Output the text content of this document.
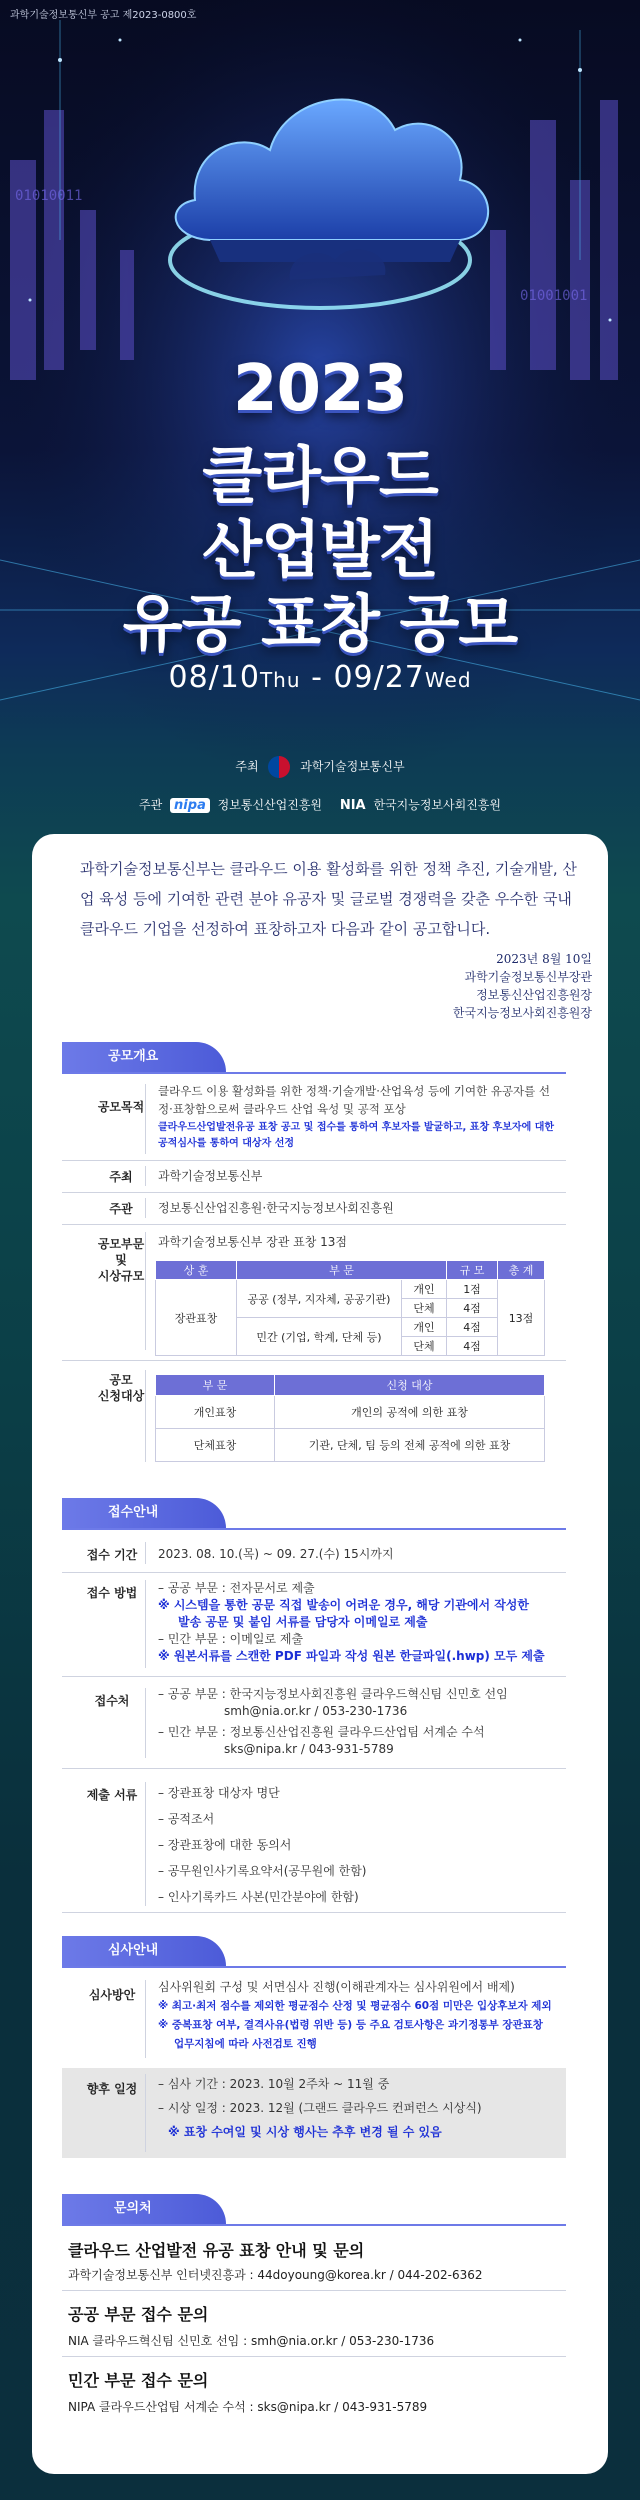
01010011
01001001
2023
클라우드
산업발전
유공 표창 공모
08/10Thu - 09/27Wed
주최	과학기술정보통신부
주관 nipa 정보통신산업진흥원 NIA 한국지능정보사회진흥원
과학기술정보통신부는 클라우드 이용 활성화를 위한 정책 추진, 기술개발, 산업 육성 등에 기여한 관련 분야 유공자 및 글로벌 경쟁력을 갖춘 우수한 국내 클라우드 기업을 선정하여 표창하고자 다음과 같이 공고합니다.
2023년 8월 10일
과학기술정보통신부장관
정보통신산업진흥원장
한국지능정보사회진흥원장
공모개요
공모목적
클라우드 이용 활성화를 위한 정책·기술개발·산업육성 등에 기여한 유공자를 선정·표창함으로써 클라우드 산업 육성 및 공적 포상
클라우드산업발전유공 표창 공고 및 접수를 통하여 후보자를 발굴하고, 표창 후보자에 대한 공적심사를 통하여 대상자 선정
주최	과학기술정보통신부
주관	정보통신산업진흥원·한국지능정보사회진흥원
공모부문
및
시상규모
과학기술정보통신부 장관 표창 13점
상 훈	부 문		규 모	총 계
장관표창	공공 (정부, 지자체, 공공기관)	개인	1점	13점
		단체	4점	
	민간 (기업, 학계, 단체 등)	개인	4점	
		단체	4점	
공모
신청대상
부 문	신청 대상
개인표창	개인의 공적에 의한 표창
단체표창	기관, 단체, 팀 등의 전체 공적에 의한 표창
접수안내
접수 기간	2023. 08. 10.(목) ~ 09. 27.(수) 15시까지
접수 방법	– 공공 부문 : 전자문서로 제출
※ 시스템을 통한 공문 직접 발송이 어려운 경우, 해당 기관에서 작성한
발송 공문 및 붙임 서류를 담당자 이메일로 제출
– 민간 부문 : 이메일로 제출
※ 원본서류를 스캔한 PDF 파일과 작성 원본 한글파일(.hwp) 모두 제출
접수처	– 공공 부문 : 한국지능정보사회진흥원 클라우드혁신팀 신민호 선임
smh@nia.or.kr / 053-230-1736
– 민간 부문 : 정보통신산업진흥원 클라우드산업팀 서계순 수석
sks@nipa.kr / 043-931-5789
제출 서류	– 장관표창 대상자 명단
– 공적조서
– 장관표창에 대한 동의서
– 공무원인사기록요약서(공무원에 한함)
– 인사기록카드 사본(민간분야에 한함)
심사안내
심사방안
심사위원회 구성 및 서면심사 진행(이해관계자는 심사위원에서 배제)
※ 최고·최저 점수를 제외한 평균점수 산정 및 평균점수 60점 미만은 입상후보자 제외
※ 중복표창 여부, 결격사유(법령 위반 등) 등 주요 검토사항은 과기정통부 장관표창
업무지침에 따라 사전검토 진행
향후 일정	– 심사 기간 : 2023. 10월 2주차 ~ 11월 중
– 시상 일정 : 2023. 12월 (그랜드 클라우드 컨퍼런스 시상식)
※ 표창 수여일 및 시상 행사는 추후 변경 될 수 있음
문의처
클라우드 산업발전 유공 표창 안내 및 문의
과학기술정보통신부 인터넷진흥과 : 44doyoung@korea.kr / 044-202-6362
공공 부문 접수 문의
NIA 클라우드혁신팀 신민호 선임 : smh@nia.or.kr / 053-230-1736
민간 부문 접수 문의
NIPA 클라우드산업팀 서계순 수석 : sks@nipa.kr / 043-931-5789
